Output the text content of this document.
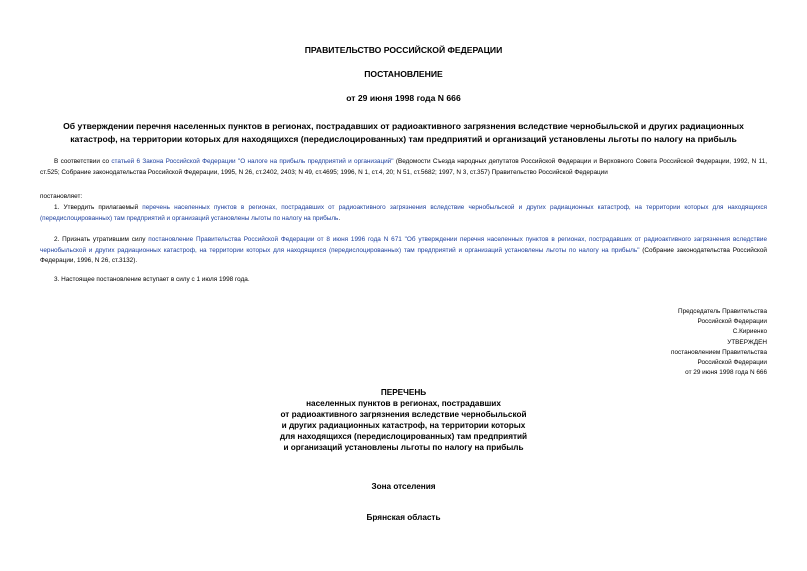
ПРАВИТЕЛЬСТВО РОССИЙСКОЙ ФЕДЕРАЦИИ
ПОСТАНОВЛЕНИЕ
от 29 июня 1998 года N 666
Об утверждении перечня населенных пунктов в регионах, пострадавших от радиоактивного загрязнения вследствие чернобыльской и других радиационных
катастроф, на территории которых для находящихся (передислоцированных) там предприятий и организаций установлены льготы по налогу на прибыль
В соответствии со статьей 6 Закона Российской Федерации "О налоге на прибыль предприятий и организаций" (Ведомости Съезда народных депутатов Российской Федерации и Верховного Совета Российской Федерации, 1992, N 11, ст.525; Собрание законодательства Российской Федерации, 1995, N 26, ст.2402, 2403; N 49, ст.4695; 1996, N 1, ст.4, 20; N 51, ст.5682; 1997, N 3, ст.357) Правительство Российской Федерации
постановляет:
1. Утвердить прилагаемый перечень населенных пунктов в регионах, пострадавших от радиоактивного загрязнения вследствие чернобыльской и других радиационных катастроф, на территории которых для находящихся (передислоцированных) там предприятий и организаций установлены льготы по налогу на прибыль.
2. Признать утратившим силу постановление Правительства Российской Федерации от 8 июня 1996 года N 671 "Об утверждении перечня населенных пунктов в регионах, пострадавших от радиоактивного загрязнения вследствие чернобыльской и других радиационных катастроф, на территории которых для находящихся (передислоцированных) там предприятий и организаций установлены льготы по налогу на прибыль" (Собрание законодательства Российской Федерации, 1996, N 26, ст.3132).
3. Настоящее постановление вступает в силу с 1 июля 1998 года.
Председатель Правительства
Российской Федерации
С.Кириенко
УТВЕРЖДЕН
постановлением Правительства
Российской Федерации
от 29 июня 1998 года N 666
ПЕРЕЧЕНЬ
населенных пунктов в регионах, пострадавших
от радиоактивного загрязнения вследствие чернобыльской
и других радиационных катастроф, на территории которых
для находящихся (передислоцированных) там предприятий
и организаций установлены льготы по налогу на прибыль
Зона отселения
Брянская область
